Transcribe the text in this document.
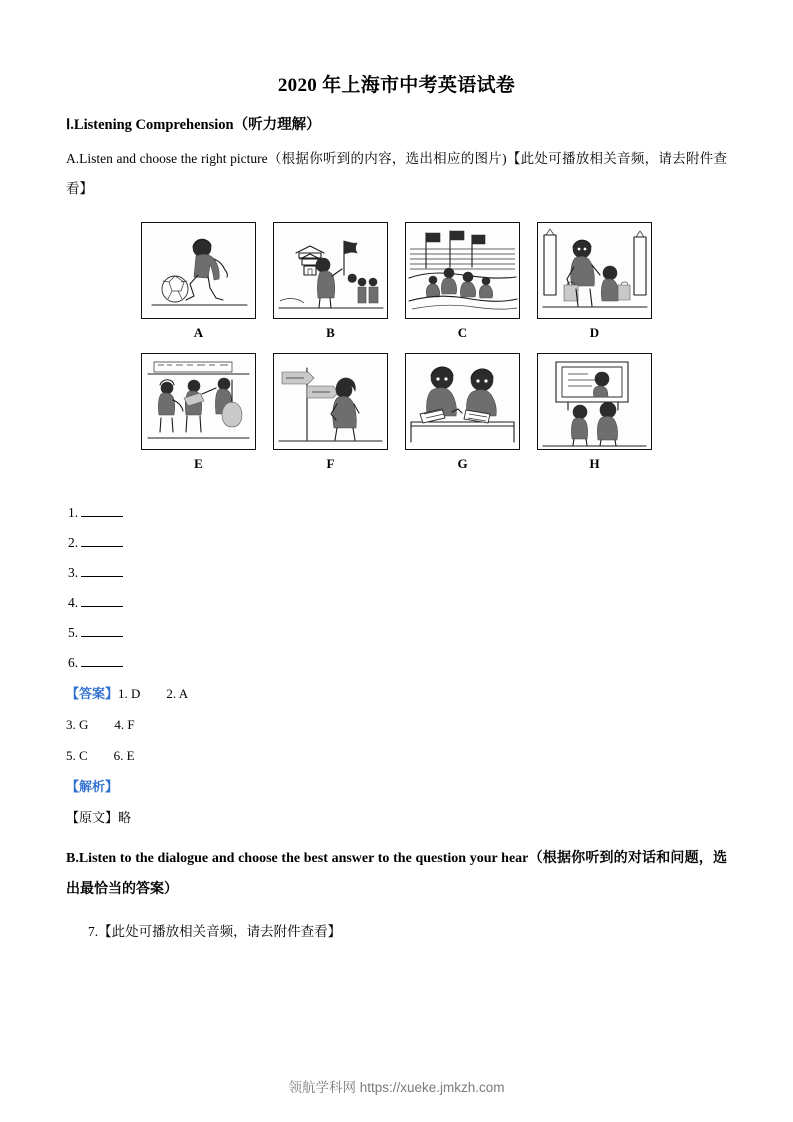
2020 年上海市中考英语试卷
Ⅰ.Listening Comprehension（听力理解）
A.Listen and choose the right picture（根据你听到的内容，选出相应的图片)【此处可播放相关音频，请去附件查看】
A	B	C	D
E	F	G	H
1.
2.
3.
4.
5.
6.
【答案】1. D 2. A
3. G 4. F
5. C 6. E
【解析】
【原文】略
B.Listen to the dialogue and choose the best answer to the question your hear（根据你听到的对话和问题，选出最恰当的答案）
7.【此处可播放相关音频，请去附件查看】
领航学科网 https://xueke.jmkzh.com
